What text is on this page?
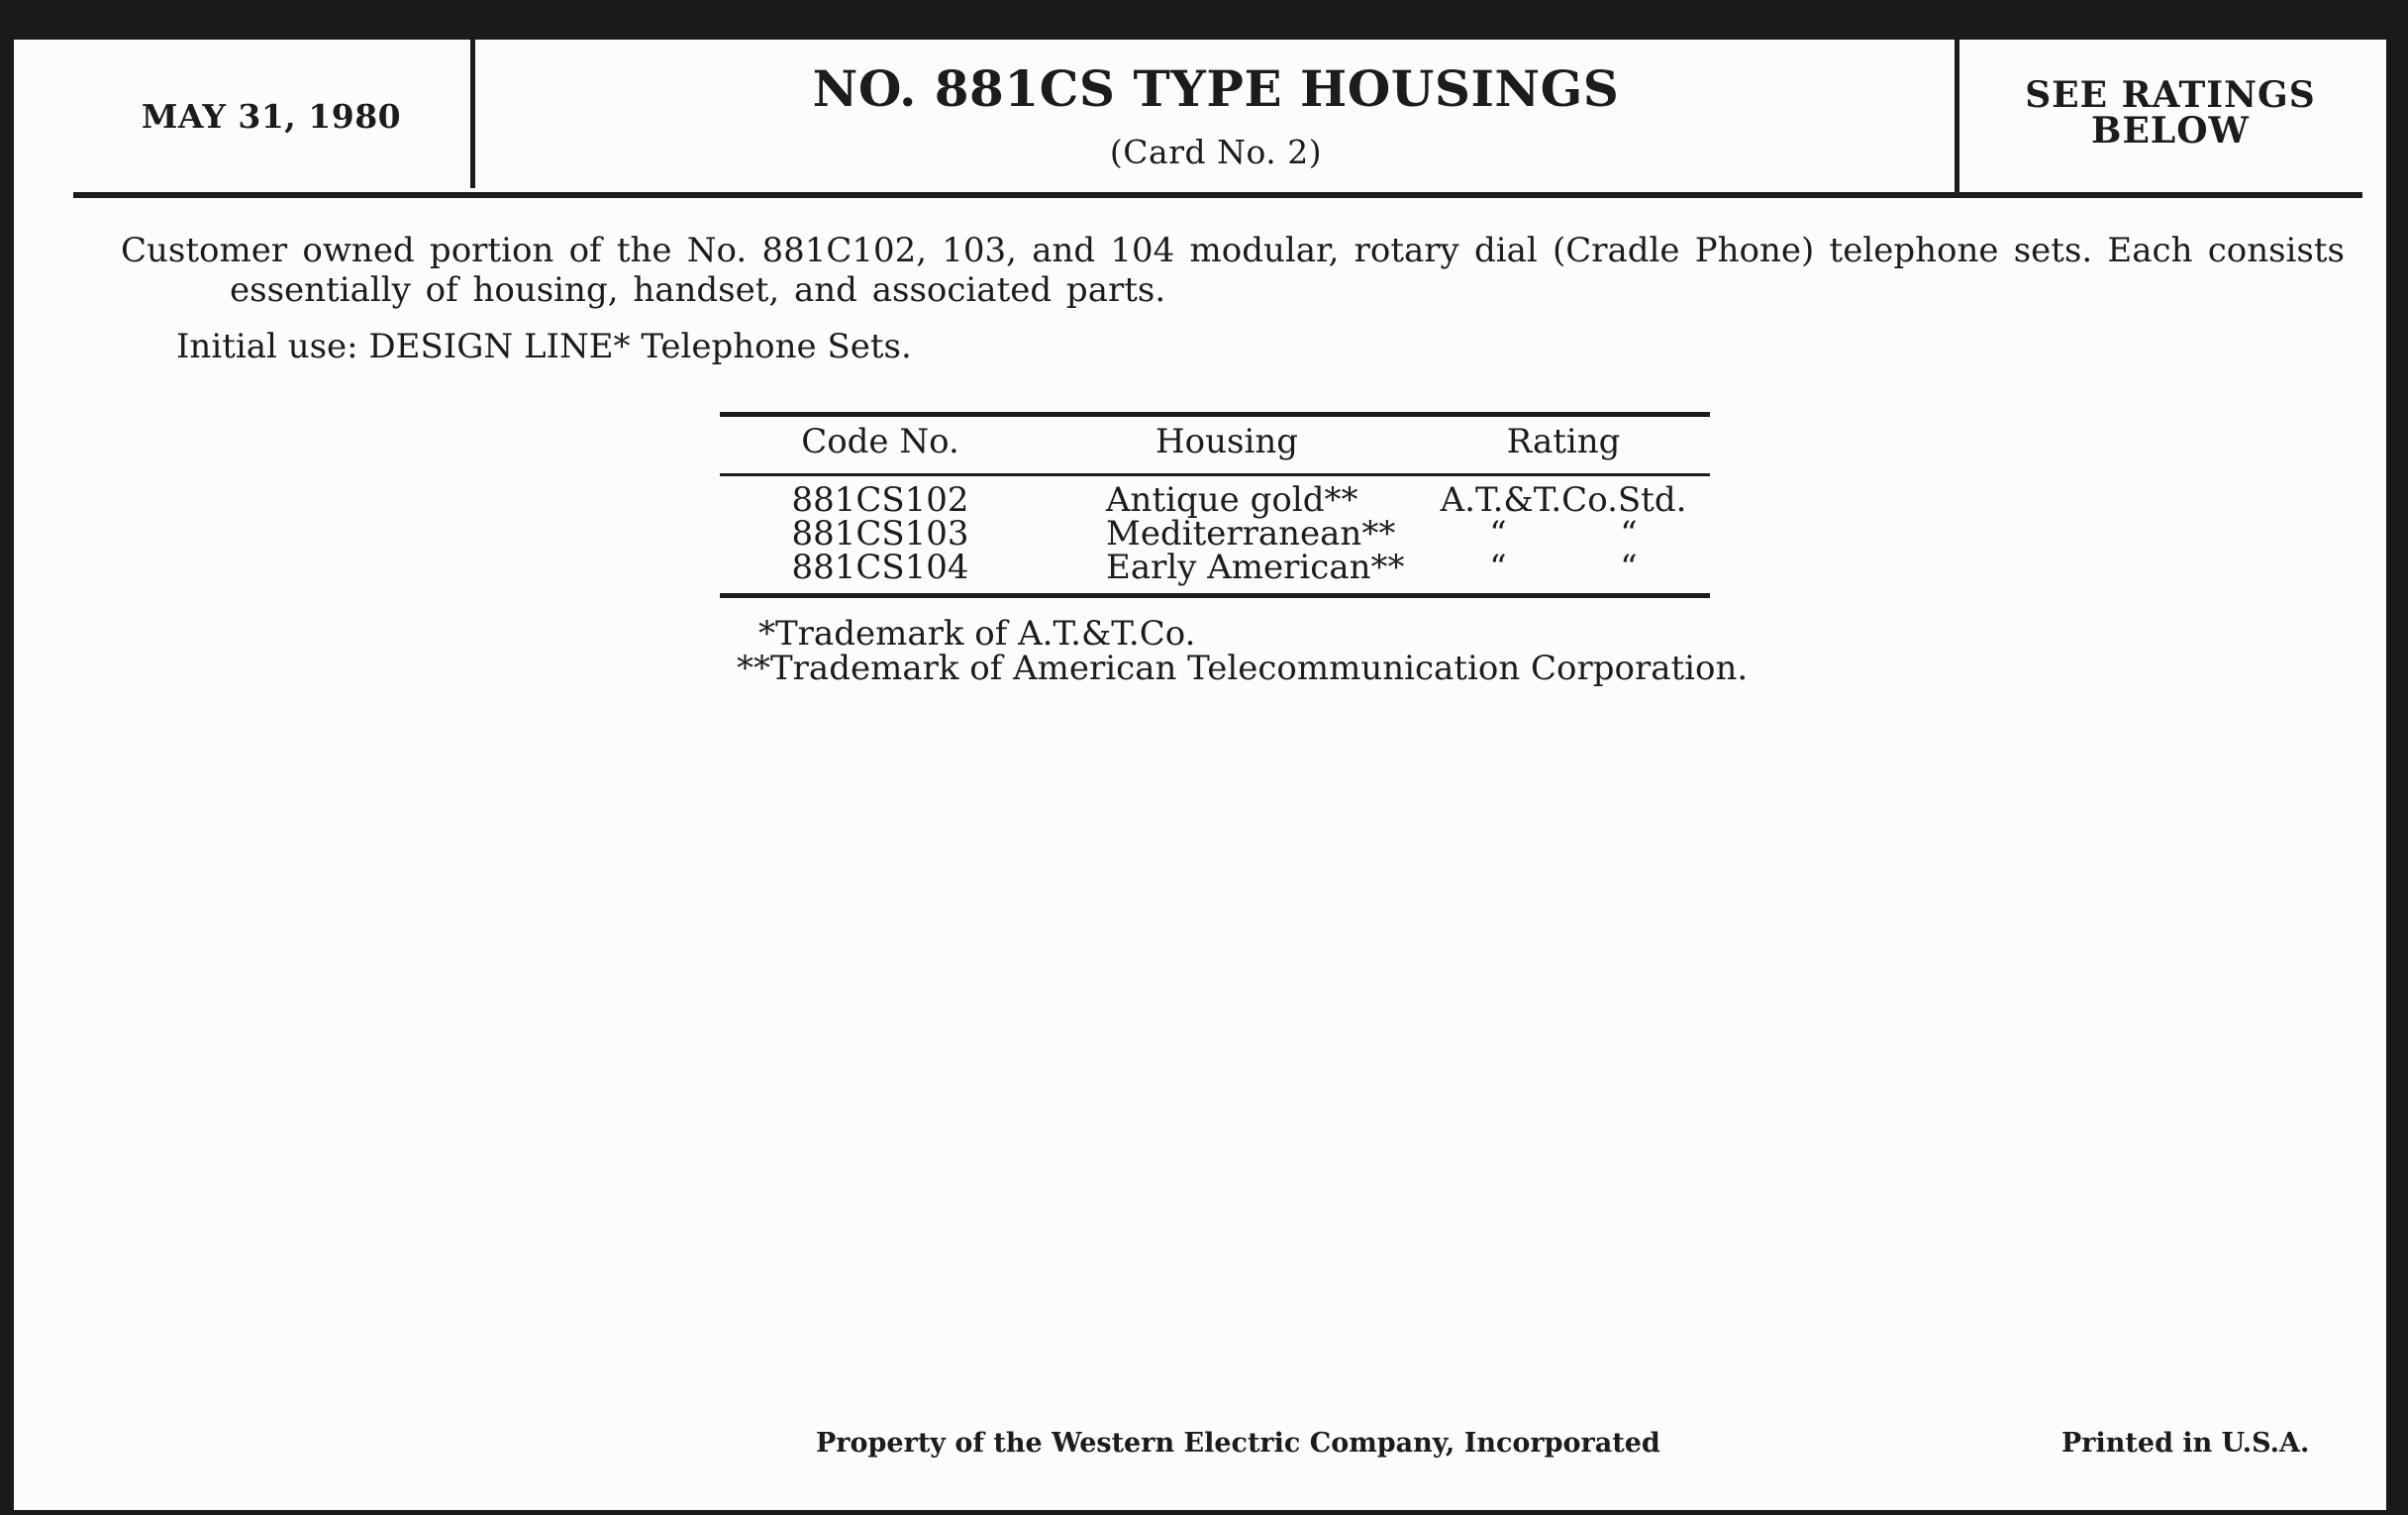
MAY 31, 1980	NO. 881CS TYPE HOUSINGS
(Card No. 2)
SEE RATINGS
BELOW
Customer owned portion of the No. 881C102, 103, and 104 modular, rotary dial (Cradle Phone) telephone sets. Each consists essentially of housing, handset, and associated parts.
Initial use: DESIGN LINE* Telephone Sets.
Code No.	Housing	Rating
881CS102	Antique gold**	A.T.&T.Co.Std.
881CS103	Mediterranean**	“	“
881CS104	Early American**	“	“
*Trademark of A.T.&T.Co.
**Trademark of American Telecommunication Corporation.
Property of the Western Electric Company, Incorporated	Printed in U.S.A.
